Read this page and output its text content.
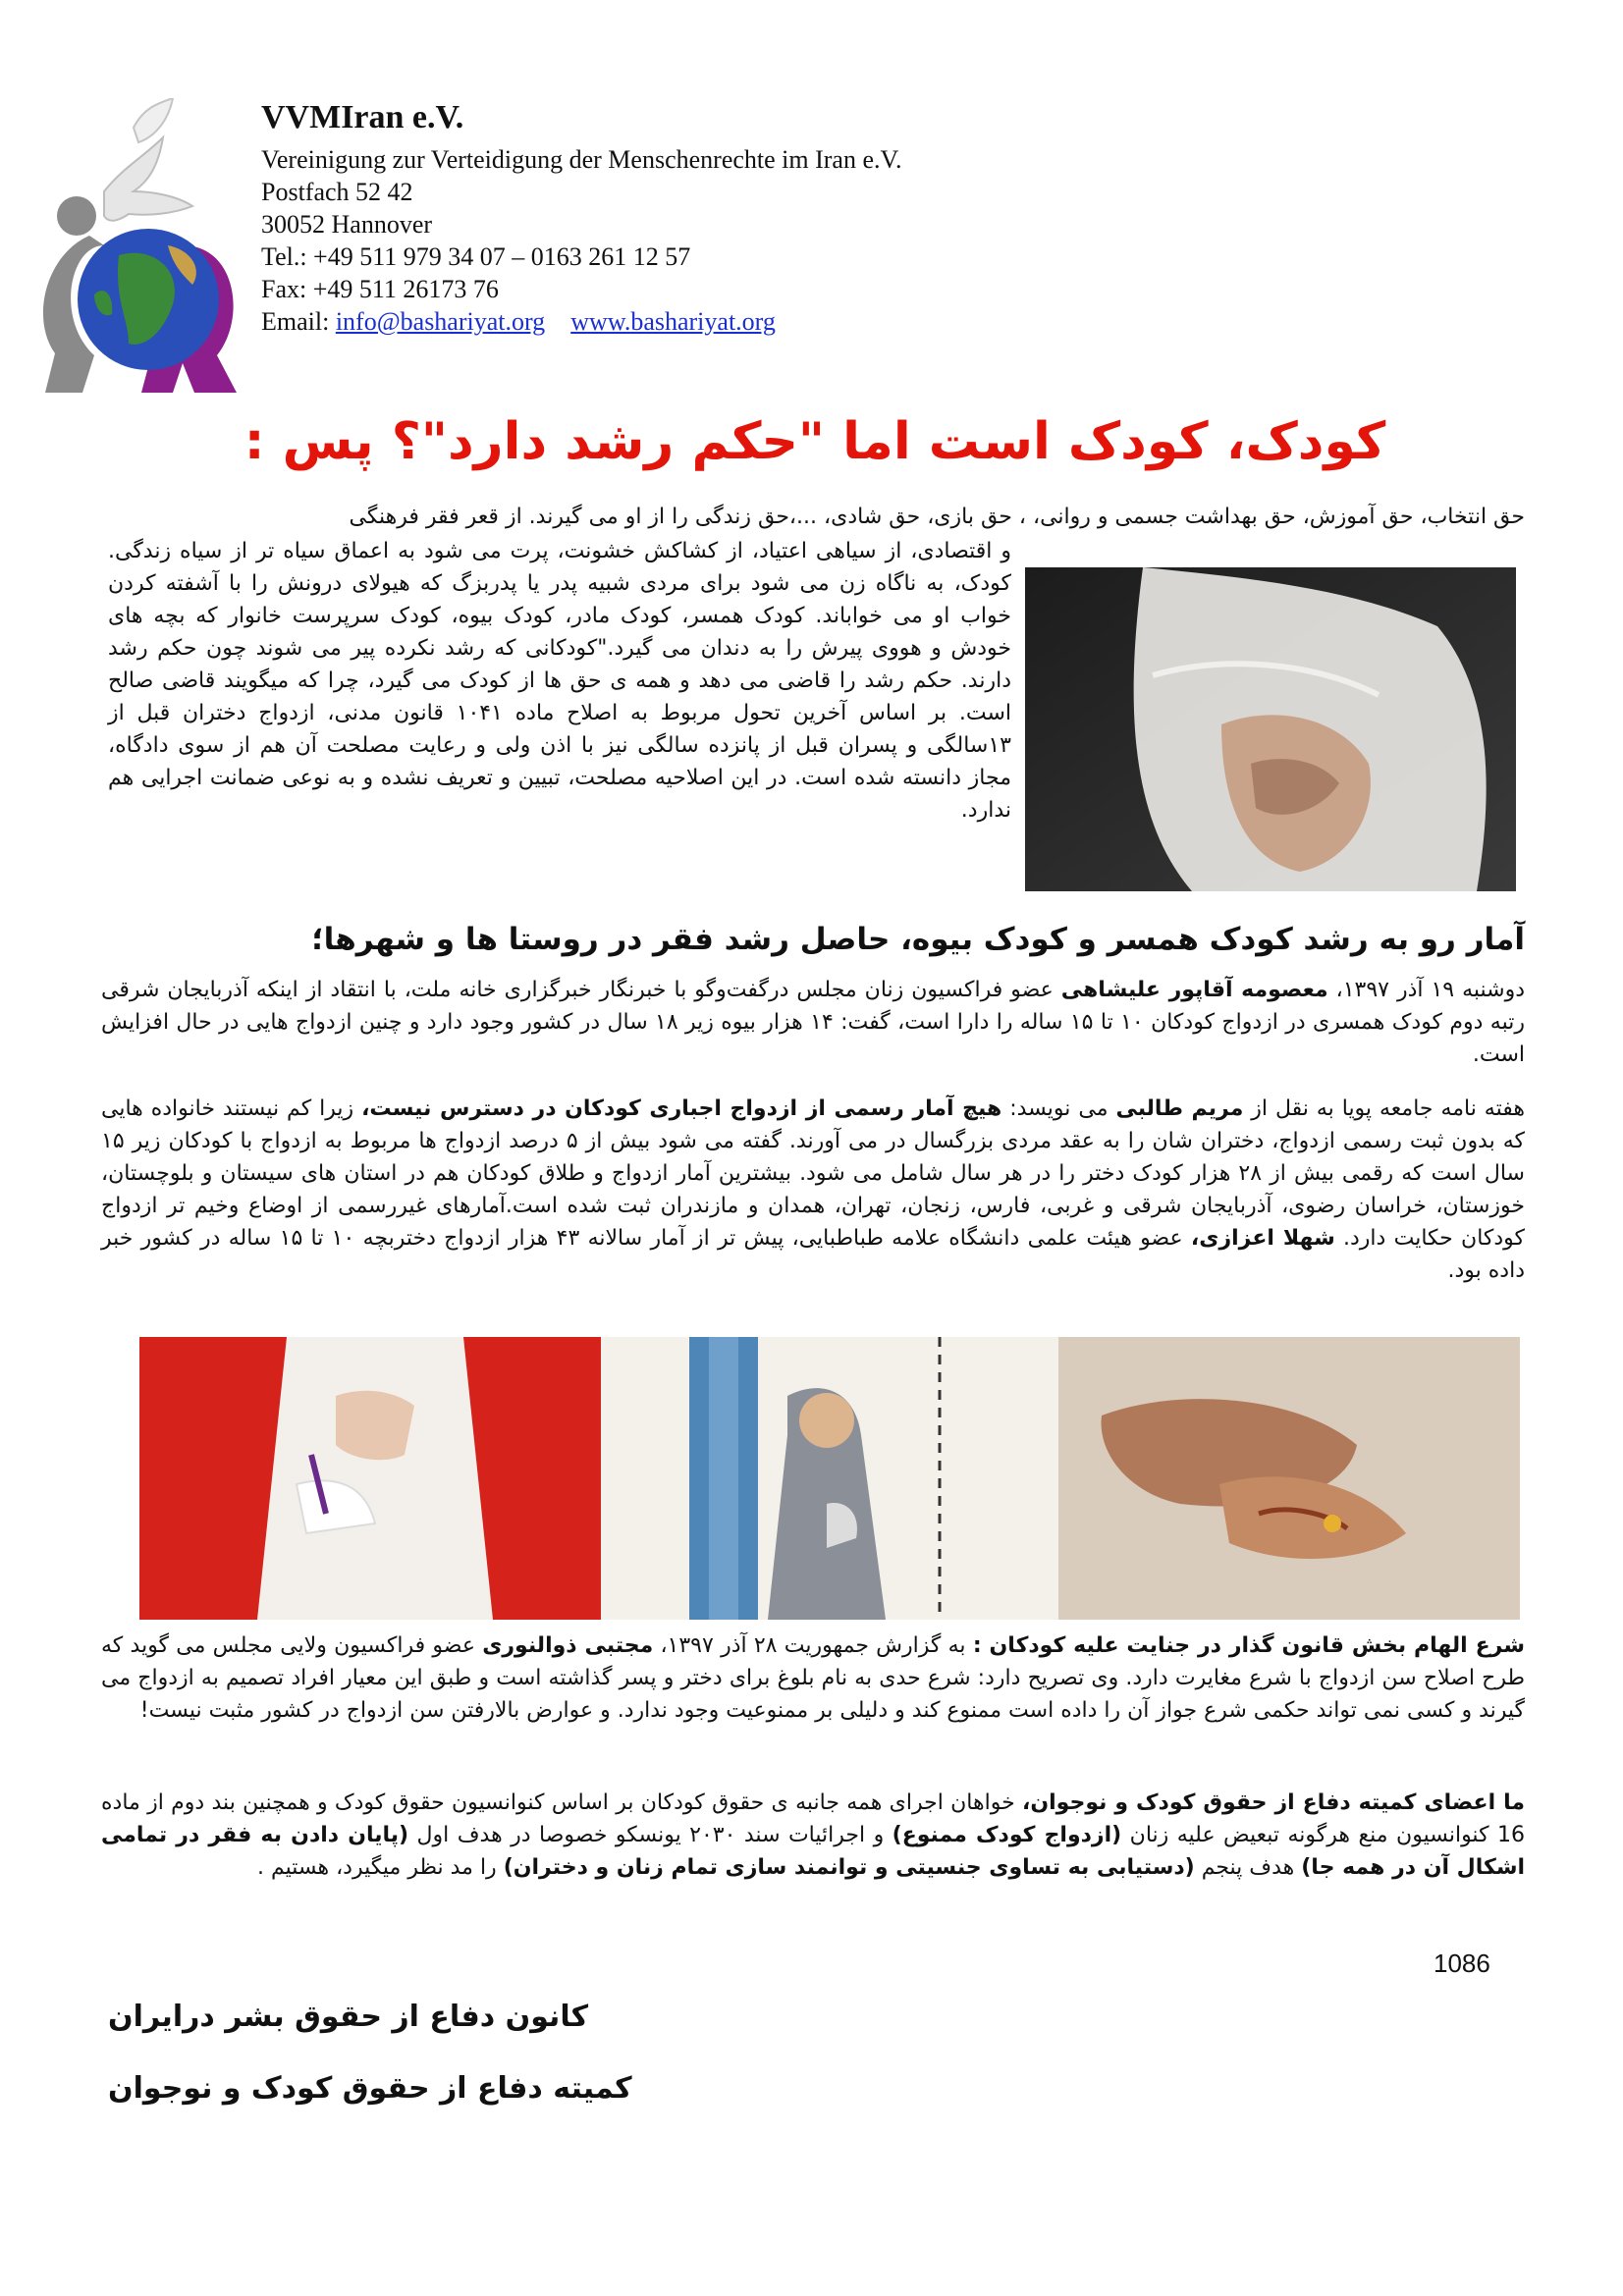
VVMIran e.V.
Vereinigung zur Verteidigung der Menschenrechte im Iran e.V.
Postfach 52 42
30052 Hannover
Tel.: +49 511 979 34 07 – 0163 261 12 57
Fax: +49 511 26173 76
Email: info@bashariyat.org www.bashariyat.org
کودک، کودک است اما "حکم رشد دارد"؟ پس :
حق انتخاب، حق آموزش، حق بهداشت جسمی و روانی، ، حق بازی، حق شادی، ...،حق زندگی را از او می گیرند. از قعر فقر فرهنگی
و اقتصادی، از سیاهی اعتیاد، از کشاکش خشونت، پرت می شود به اعماق سیاه تر از سیاه زندگی. کودک، به ناگاه زن می شود برای مردی شبیه پدر یا پدربزگ که هیولای درونش را با آشفته کردن خواب او می خواباند. کودک همسر، کودک مادر، کودک بیوه، کودک سرپرست خانوار که بچه های خودش و هووی پیرش را به دندان می گیرد."کودکانی که رشد نکرده پیر می شوند چون حکم رشد دارند. حکم رشد را قاضی می دهد و همه ی حق ها از کودک می گیرد، چرا که میگویند قاضی صالح است. بر اساس آخرین تحول مربوط به اصلاح ماده ۱۰۴۱ قانون مدنی، ازدواج دختران قبل از ۱۳سالگی و پسران قبل از پانزده سالگی نیز با اذن ولی و رعایت مصلحت آن هم از سوی دادگاه، مجاز دانسته شده است. در این اصلاحیه مصلحت، تبیین و تعریف نشده و به نوعی ضمانت اجرایی هم ندارد.
آمار رو به رشد کودک همسر و کودک بیوه، حاصل رشد فقر در روستا ها و شهرها؛
دوشنبه ۱۹ آذر ۱۳۹۷، معصومه آقاپور علیشاهی عضو فراکسیون زنان مجلس درگفت‌وگو با خبرنگار خبرگزاری خانه ملت، با انتقاد از اینکه آذربایجان شرقی رتبه دوم کودک همسری در ازدواج کودکان ۱۰ تا ۱۵ ساله را دارا است، گفت: ۱۴ هزار بیوه زیر ۱۸ سال در کشور وجود دارد و چنین ازدواج هایی در حال افزایش است.
هفته نامه جامعه پویا به نقل از مریم طالبی می نویسد: هیچ آمار رسمی از ازدواج اجباری کودکان در دسترس نیست، زیرا کم نیستند خانواده هایی که بدون ثبت رسمی ازدواج، دختران شان را به عقد مردی بزرگسال در می آورند. گفته می شود بیش از ۵ درصد ازدواج ها مربوط به ازدواج با کودکان زیر ۱۵ سال است که رقمی بیش از ۲۸ هزار کودک دختر را در هر سال شامل می شود. بیشترین آمار ازدواج و طلاق کودکان هم در استان های سیستان و بلوچستان، خوزستان، خراسان رضوی، آذربایجان شرقی و غربی، فارس، زنجان، تهران، همدان و مازندران ثبت شده است.آمارهای غیررسمی از اوضاع وخیم تر ازدواج کودکان حکایت دارد. شهلا اعزازی، عضو هیئت علمی دانشگاه علامه طباطبایی، پیش تر از آمار سالانه ۴۳ هزار ازدواج دختربچه ۱۰ تا ۱۵ ساله در کشور خبر داده بود.
شرع الهام بخش قانون گذار در جنایت علیه کودکان : به گزارش جمهوریت ۲۸ آذر ۱۳۹۷، مجتبی ذوالنوری عضو فراکسیون ولایی مجلس می گوید که طرح اصلاح سن ازدواج با شرع مغایرت دارد. وی تصریح دارد: شرع حدی به نام بلوغ برای دختر و پسر گذاشته است و طبق این معیار افراد تصمیم به ازدواج می گیرند و کسی نمی تواند حکمی شرع جواز آن را داده است ممنوع کند و دلیلی بر ممنوعیت وجود ندارد. و عوارض بالارفتن سن ازدواج در کشور مثبت نیست!
ما اعضای کمیته دفاع از حقوق کودک و نوجوان، خواهان اجرای همه جانبه ی حقوق کودکان بر اساس کنوانسیون حقوق کودک و همچنین بند دوم از ماده 16 کنوانسیون منع هرگونه تبعیض علیه زنان (ازدواج کودک ممنوع) و اجرائیات سند ۲۰۳۰ یونسکو خصوصا در هدف اول (پایان دادن به فقر در تمامی اشکال آن در همه جا) هدف پنجم (دستیابی به تساوی جنسیتی و توانمند سازی تمام زنان و دختران) را مد نظر میگیرد، هستیم .
1086
کانون دفاع از حقوق بشر درایران
کمیته دفاع از حقوق کودک و نوجوان
